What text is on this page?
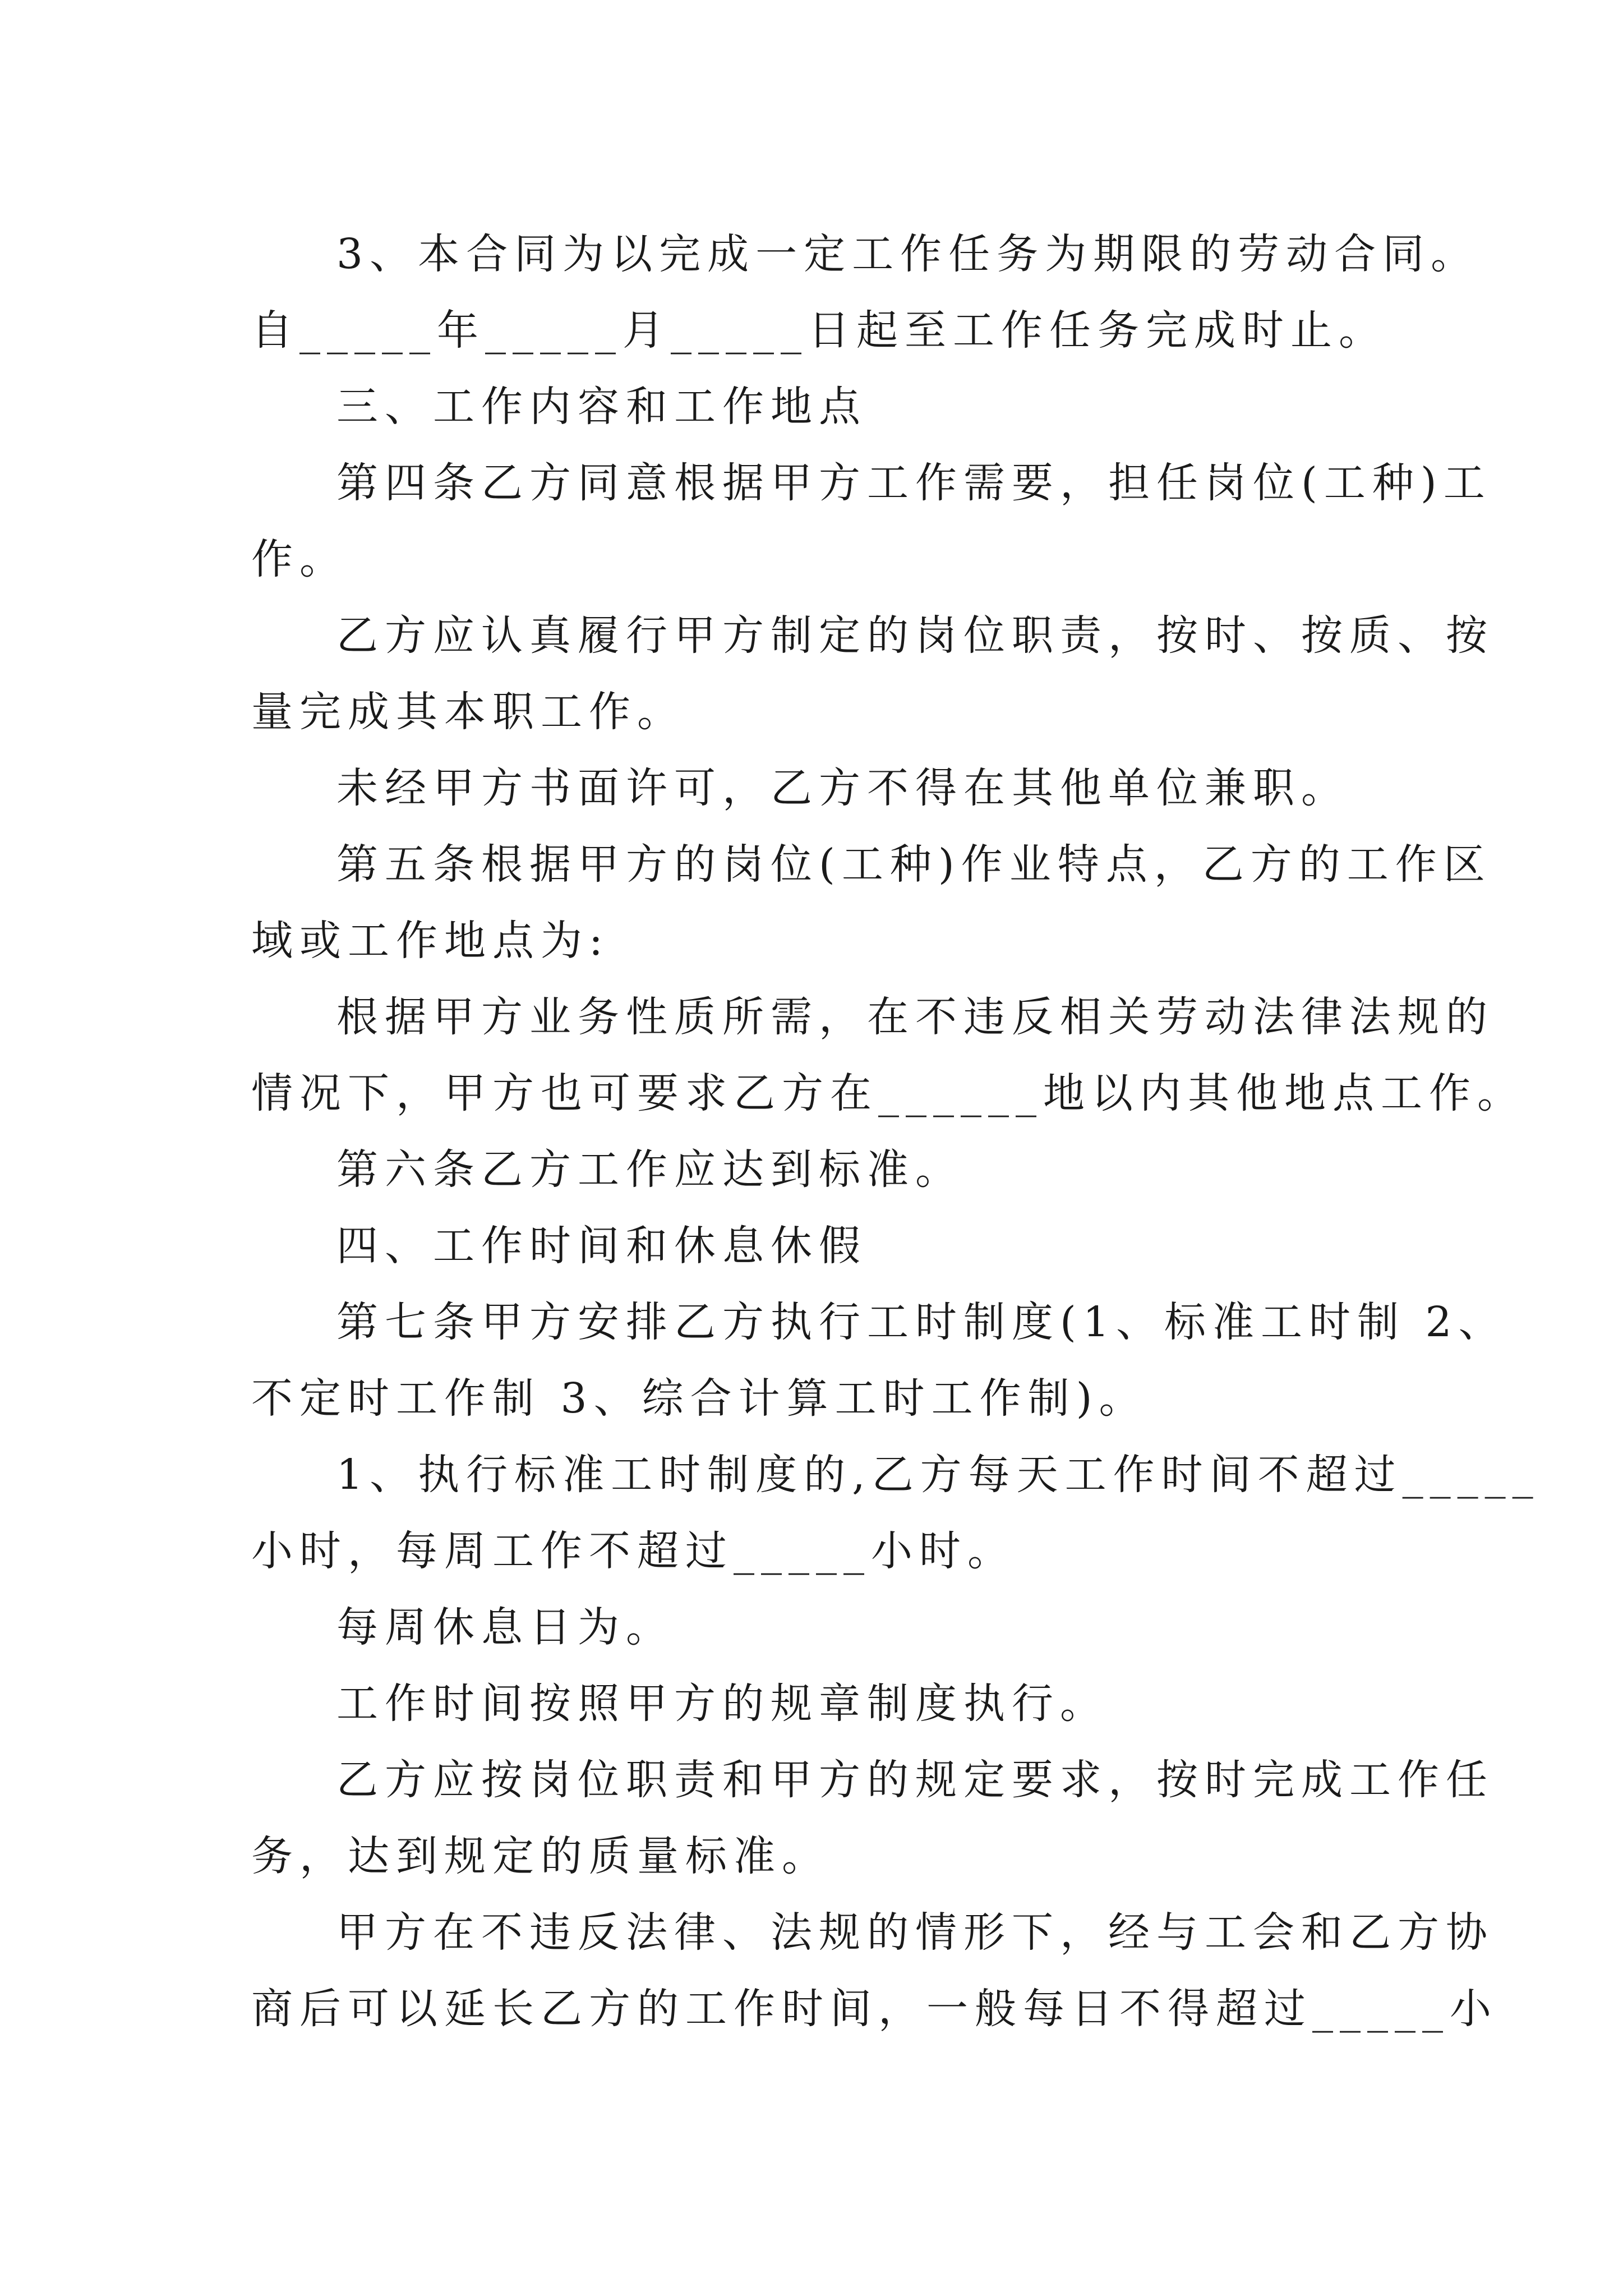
3、本合同为以完成一定工作任务为期限的劳动合同。
自_____年_____月_____日起至工作任务完成时止。
三、工作内容和工作地点
第四条乙方同意根据甲方工作需要，担任岗位(工种)工
作。
乙方应认真履行甲方制定的岗位职责，按时、按质、按
量完成其本职工作。
未经甲方书面许可，乙方不得在其他单位兼职。
第五条根据甲方的岗位(工种)作业特点，乙方的工作区
域或工作地点为:
根据甲方业务性质所需，在不违反相关劳动法律法规的
情况下，甲方也可要求乙方在______地以内其他地点工作。
第六条乙方工作应达到标准。
四、工作时间和休息休假
第七条甲方安排乙方执行工时制度(1、标准工时制 2、
不定时工作制 3、综合计算工时工作制)。
1、执行标准工时制度的,乙方每天工作时间不超过_____
小时，每周工作不超过_____小时。
每周休息日为。
工作时间按照甲方的规章制度执行。
乙方应按岗位职责和甲方的规定要求，按时完成工作任
务，达到规定的质量标准。
甲方在不违反法律、法规的情形下，经与工会和乙方协
商后可以延长乙方的工作时间，一般每日不得超过_____小
